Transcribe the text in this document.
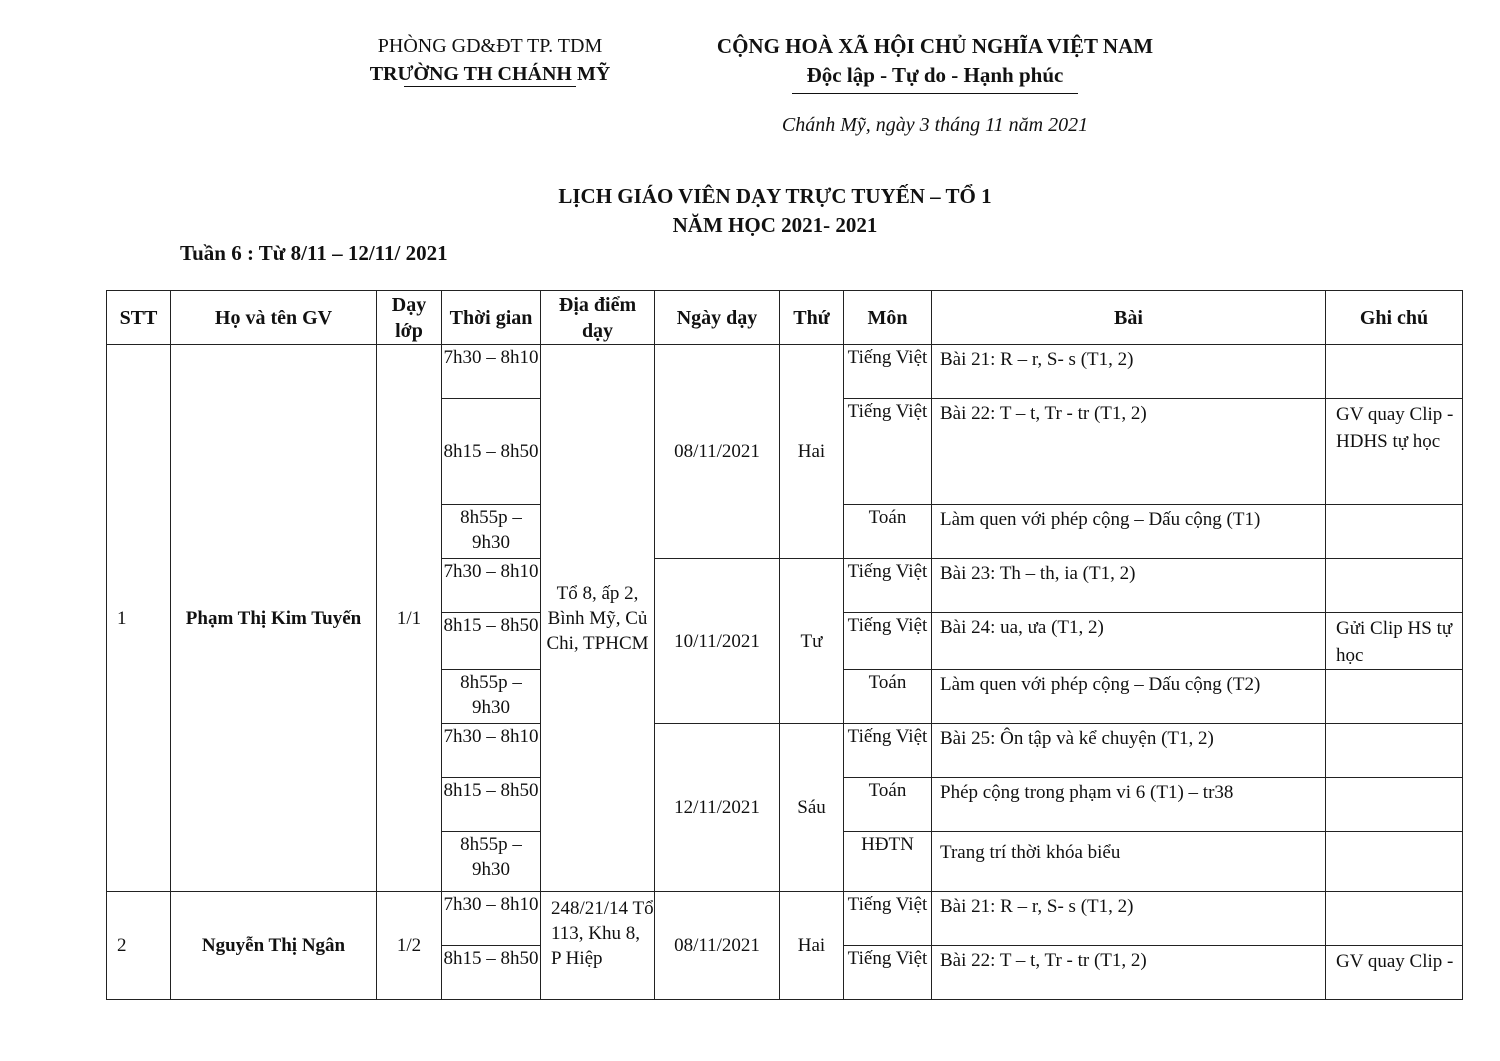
PHÒNG GD&ĐT TP. TDM
TRƯỜNG TH CHÁNH MỸ
CỘNG HOÀ XÃ HỘI CHỦ NGHĨA VIỆT NAM
Độc lập - Tự do - Hạnh phúc
Chánh Mỹ, ngày 3 tháng 11 năm 2021
LỊCH GIÁO VIÊN DẠY TRỰC TUYẾN – TỔ 1
NĂM HỌC 2021- 2021
Tuần 6 : Từ 8/11 – 12/11/ 2021
STT	Họ và tên GV	Dạy lớp	Thời gian	Địa điểm dạy	Ngày dạy	Thứ	Môn	Bài	Ghi chú
1	Phạm Thị Kim Tuyến	1/1	7h30 – 8h10	Tổ 8, ấp 2, Bình Mỹ, Củ Chi, TPHCM	08/11/2021	Hai	Tiếng Việt	Bài 21: R – r, S- s (T1, 2)	
			8h15 – 8h50				Tiếng Việt	Bài 22: T – t, Tr - tr (T1, 2)	GV quay Clip - HDHS tự học
			8h55p – 9h30				Toán	Làm quen với phép cộng – Dấu cộng (T1)	
			7h30 – 8h10		10/11/2021	Tư	Tiếng Việt	Bài 23: Th – th, ia (T1, 2)	
			8h15 – 8h50				Tiếng Việt	Bài 24: ua, ưa (T1, 2)	Gửi Clip HS tự học
			8h55p – 9h30				Toán	Làm quen với phép cộng – Dấu cộng (T2)	
			7h30 – 8h10		12/11/2021	Sáu	Tiếng Việt	Bài 25: Ôn tập và kể chuyện (T1, 2)	
			8h15 – 8h50				Toán	Phép cộng trong phạm vi 6 (T1) – tr38	
			8h55p – 9h30				HĐTN	Trang trí thời khóa biểu	
2	Nguyễn Thị Ngân	1/2	7h30 – 8h10	248/21/14 Tổ 113, Khu 8, P Hiệp	08/11/2021	Hai	Tiếng Việt	Bài 21: R – r, S- s (T1, 2)	
			8h15 – 8h50				Tiếng Việt	Bài 22: T – t, Tr - tr (T1, 2)	GV quay Clip -
